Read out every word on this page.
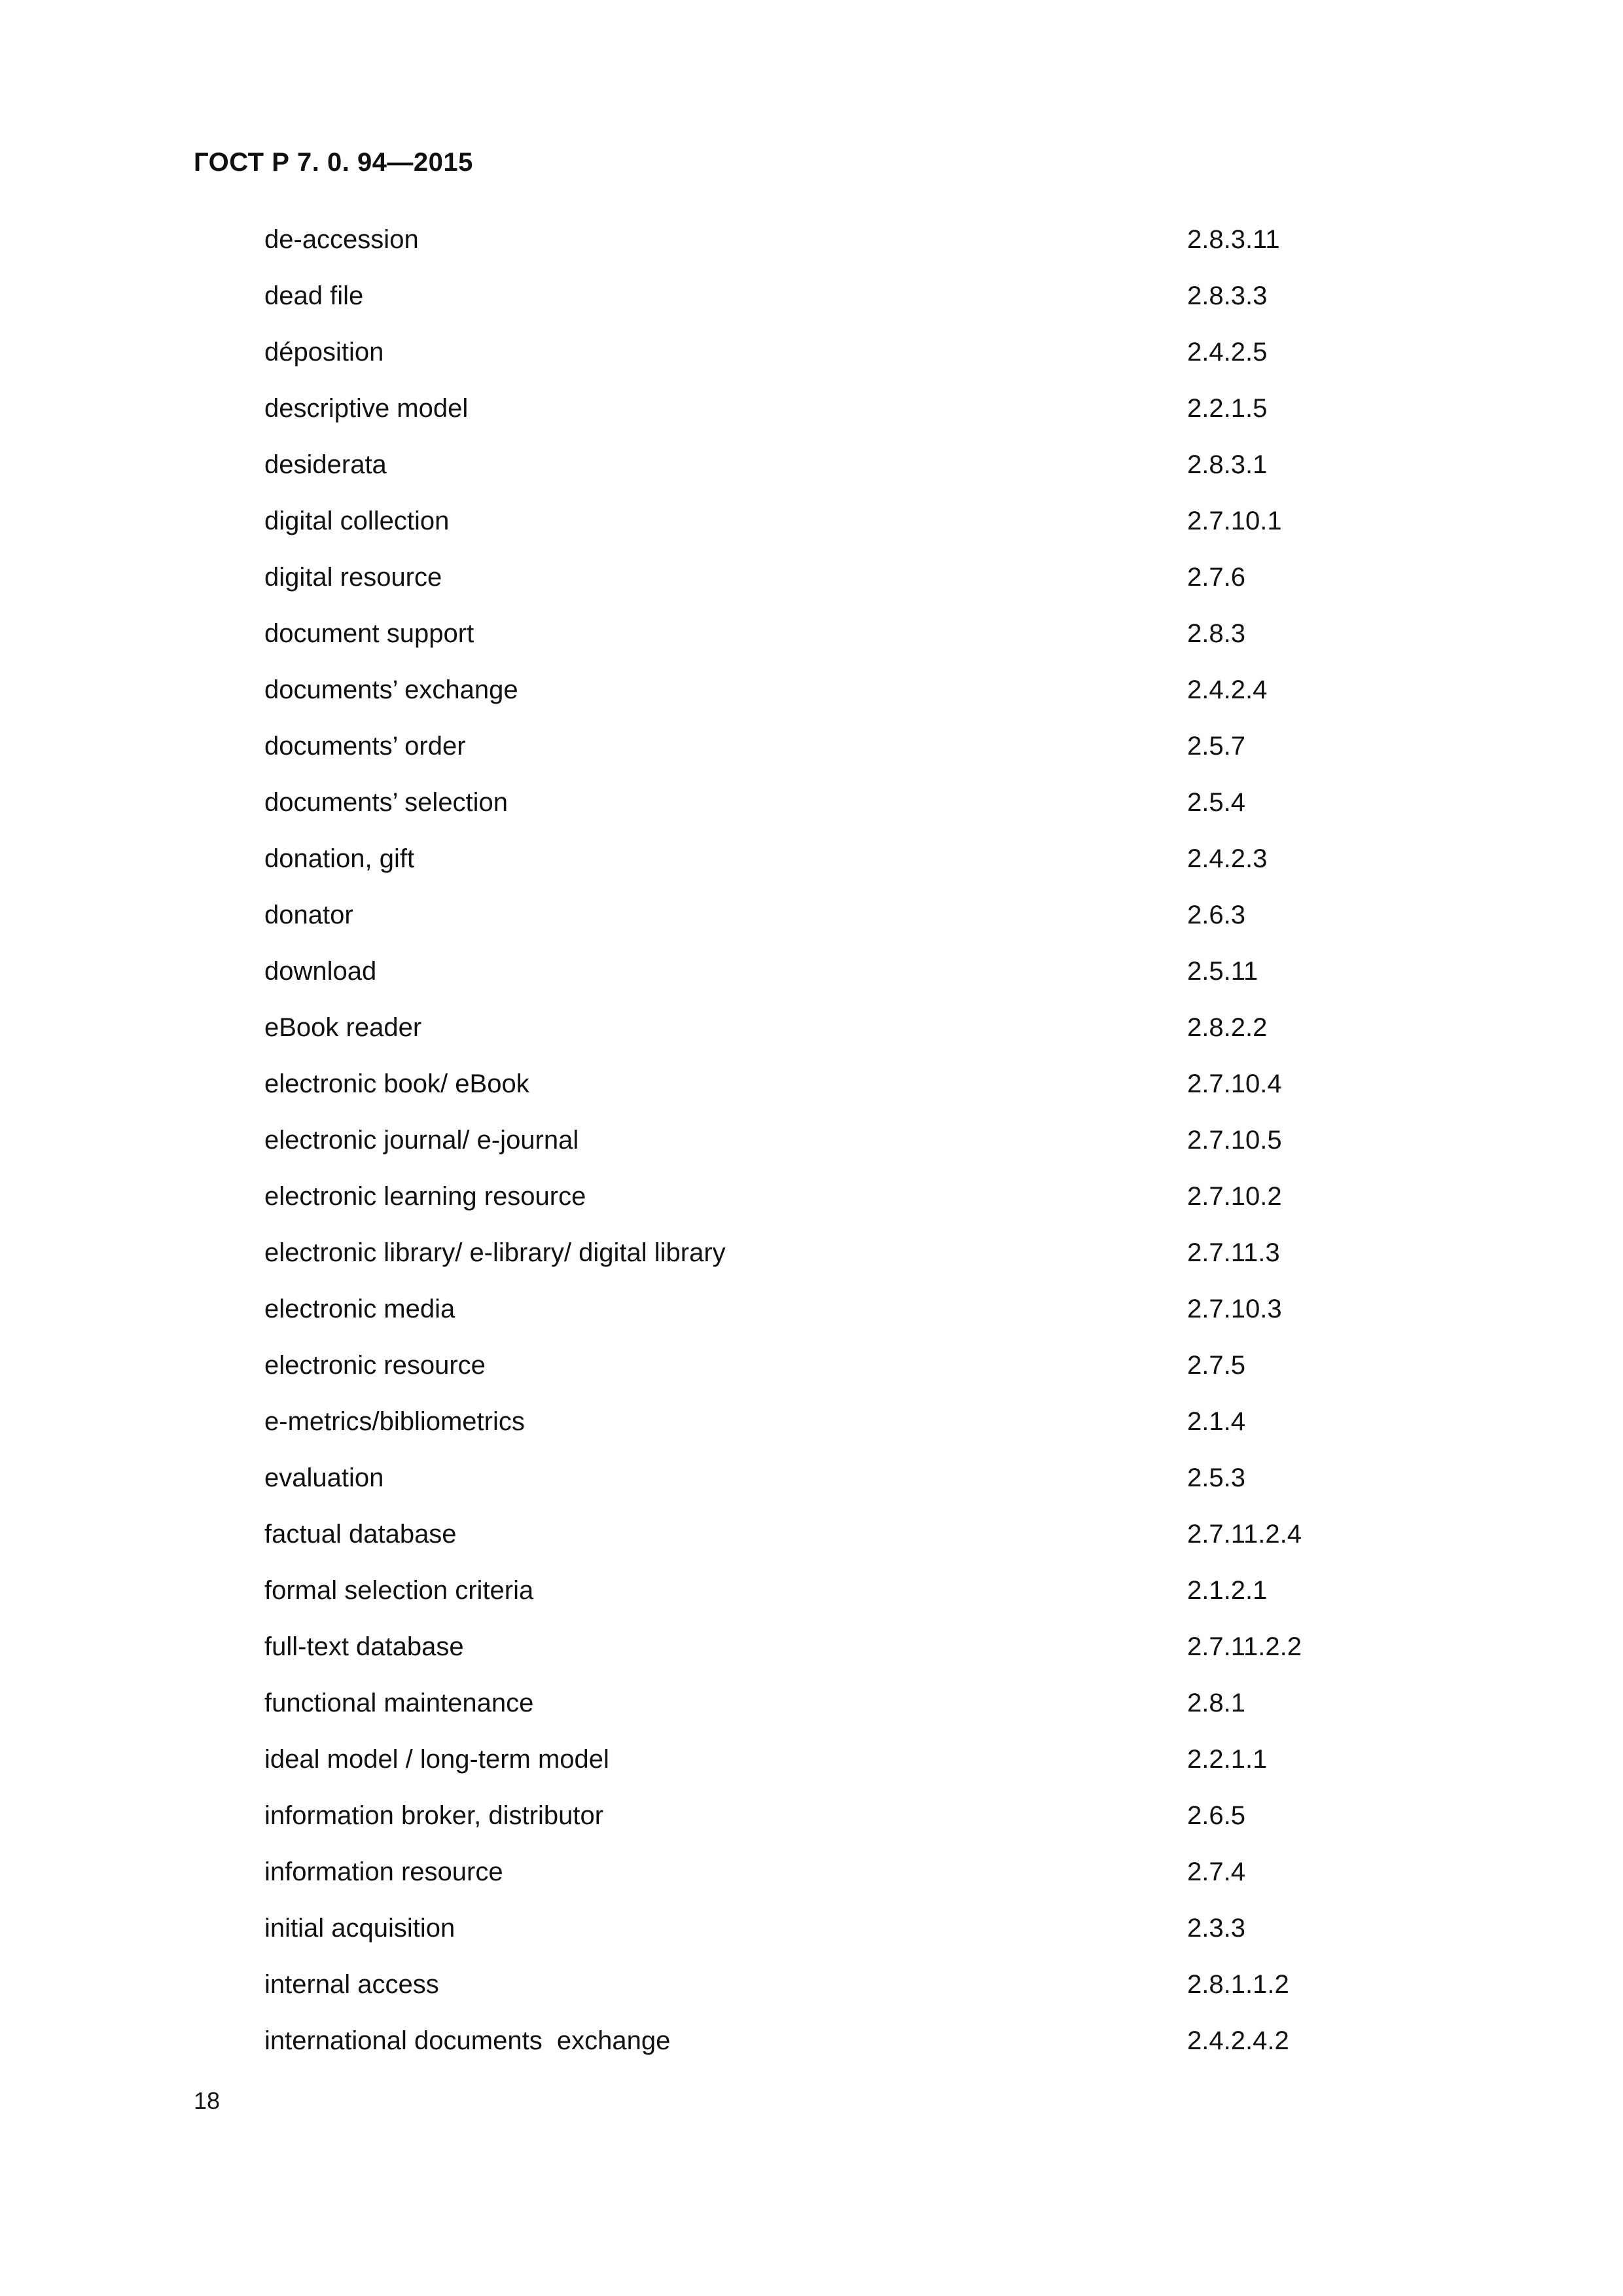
ГОСТ Р 7. 0. 94—2015
de-accession	2.8.3.11
dead file	2.8.3.3
déposition	2.4.2.5
descriptive model	2.2.1.5
desiderata	2.8.3.1
digital collection	2.7.10.1
digital resource	2.7.6
document support	2.8.3
documents’ exchange	2.4.2.4
documents’ order	2.5.7
documents’ selection	2.5.4
donation, gift	2.4.2.3
donator	2.6.3
download	2.5.11
eBook reader	2.8.2.2
electronic book/ eBook	2.7.10.4
electronic journal/ e-journal	2.7.10.5
electronic learning resource	2.7.10.2
electronic library/ e-library/ digital library	2.7.11.3
electronic media	2.7.10.3
electronic resource	2.7.5
e-metrics/bibliometrics	2.1.4
evaluation	2.5.3
factual database	2.7.11.2.4
formal selection criteria	2.1.2.1
full-text database	2.7.11.2.2
functional maintenance	2.8.1
ideal model / long-term model	2.2.1.1
information broker, distributor	2.6.5
information resource	2.7.4
initial acquisition	2.3.3
internal access	2.8.1.1.2
international documents  exchange	2.4.2.4.2
18
